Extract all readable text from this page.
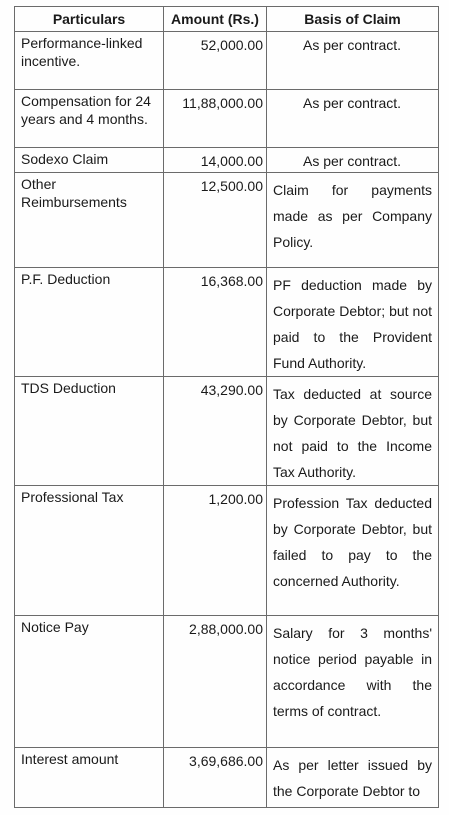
Particulars	Amount (Rs.)	Basis of Claim
Performance-linked incentive.	52,000.00	As per contract.
Compensation for 24 years and 4 months.	11,88,000.00	As per contract.
Sodexo Claim	14,000.00	As per contract.
Other Reimbursements	12,500.00	Claim for payments made as per Company Policy.
P.F. Deduction	16,368.00	PF deduction made by Corporate Debtor; but not paid to the Provident Fund Authority.
TDS Deduction	43,290.00	Tax deducted at source by Corporate Debtor, but not paid to the Income Tax Authority.
Professional Tax	1,200.00	Profession Tax deducted by Corporate Debtor, but failed to pay to the concerned Authority.
Notice Pay	2,88,000.00	Salary for 3 months' notice period payable in accordance with the terms of contract.
Interest amount	3,69,686.00	As per letter issued by the Corporate Debtor to
